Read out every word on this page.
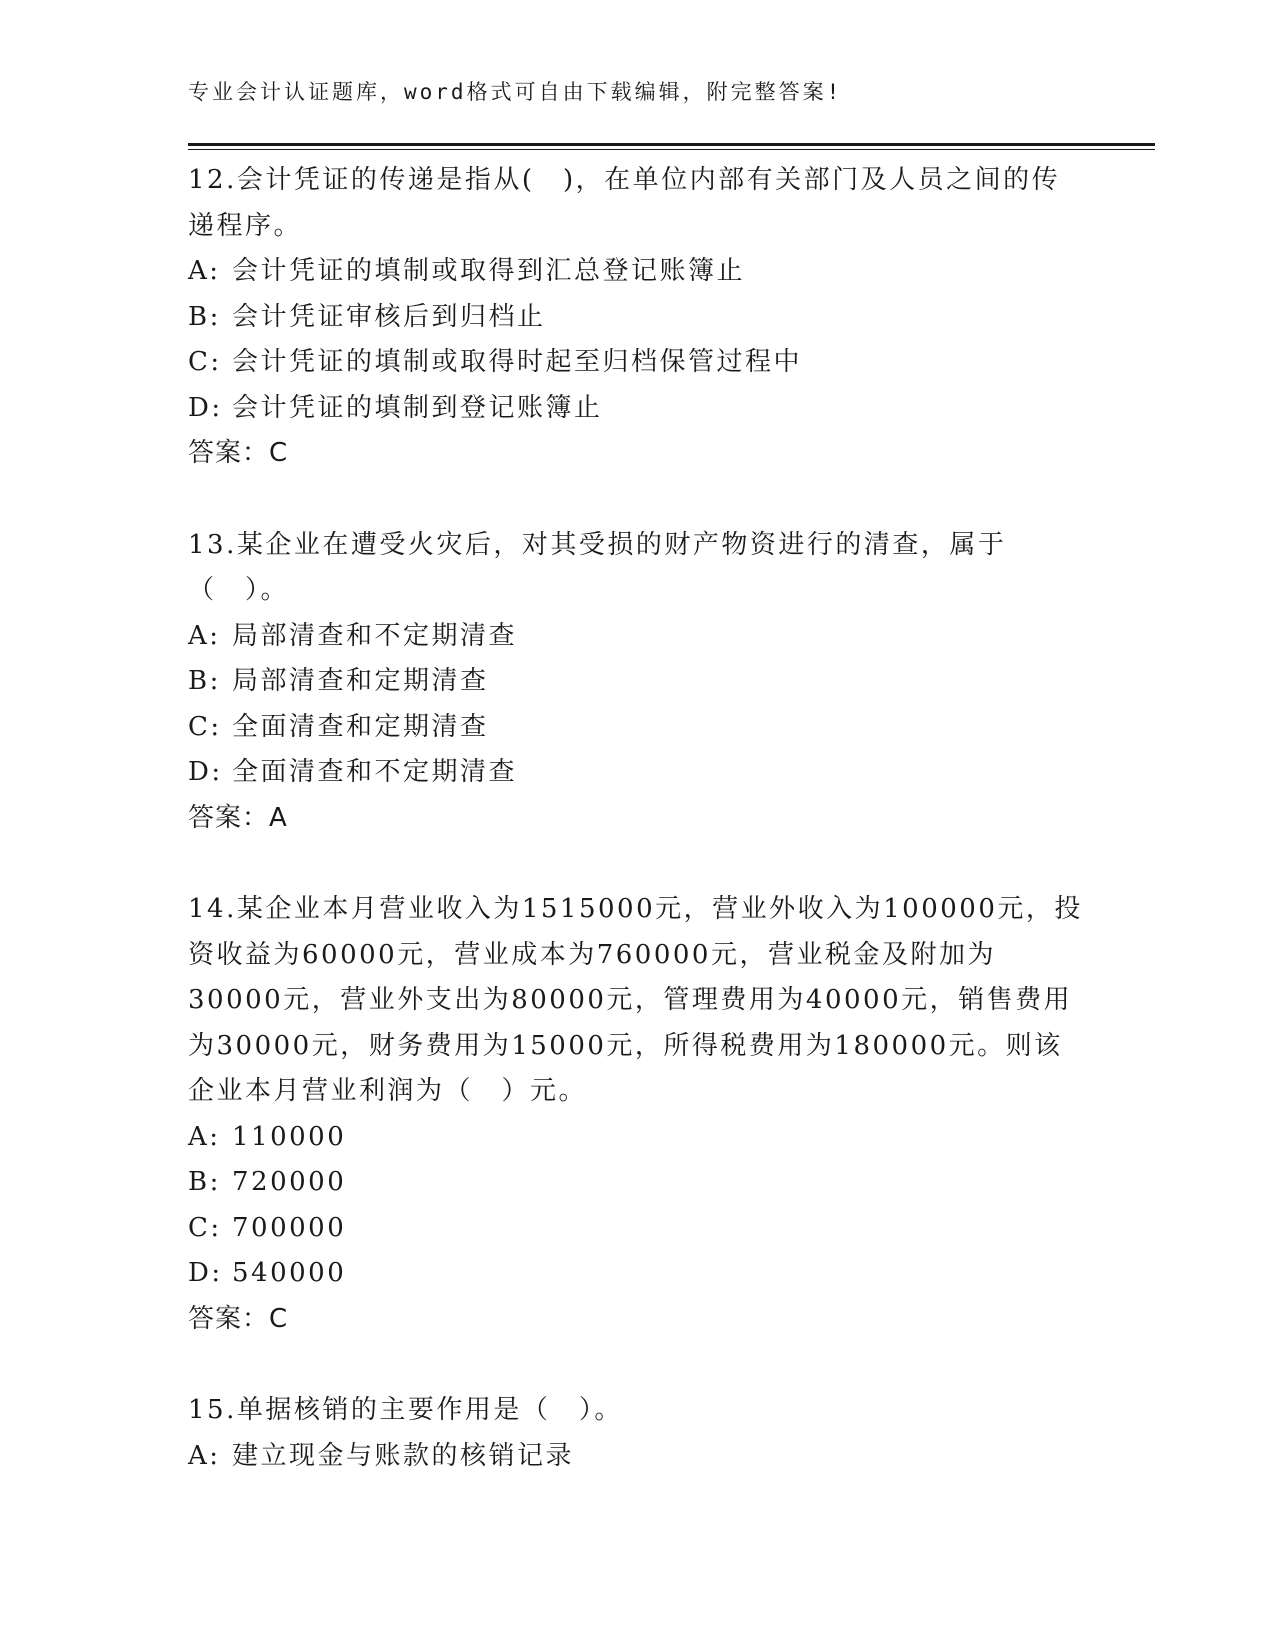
专业会计认证题库，word格式可自由下载编辑，附完整答案!

12.会计凭证的传递是指从(　)，在单位内部有关部门及人员之间的传递程序。

A: 会计凭证的填制或取得到汇总登记账簿止

B: 会计凭证审核后到归档止

C: 会计凭证的填制或取得时起至归档保管过程中

D: 会计凭证的填制到登记账簿止

答案：C

13.某企业在遭受火灾后，对其受损的财产物资进行的清查，属于（　）。

A: 局部清查和不定期清查

B: 局部清查和定期清查

C: 全面清查和定期清查

D: 全面清查和不定期清查

答案：A

14.某企业本月营业收入为1515000元，营业外收入为100000元，投资收益为60000元，营业成本为760000元，营业税金及附加为30000元，营业外支出为80000元，管理费用为40000元，销售费用为30000元，财务费用为15000元，所得税费用为180000元。则该企业本月营业利润为（　）元。

A: 110000

B: 720000

C: 700000

D: 540000

答案：C

15.单据核销的主要作用是（　）。

A: 建立现金与账款的核销记录
